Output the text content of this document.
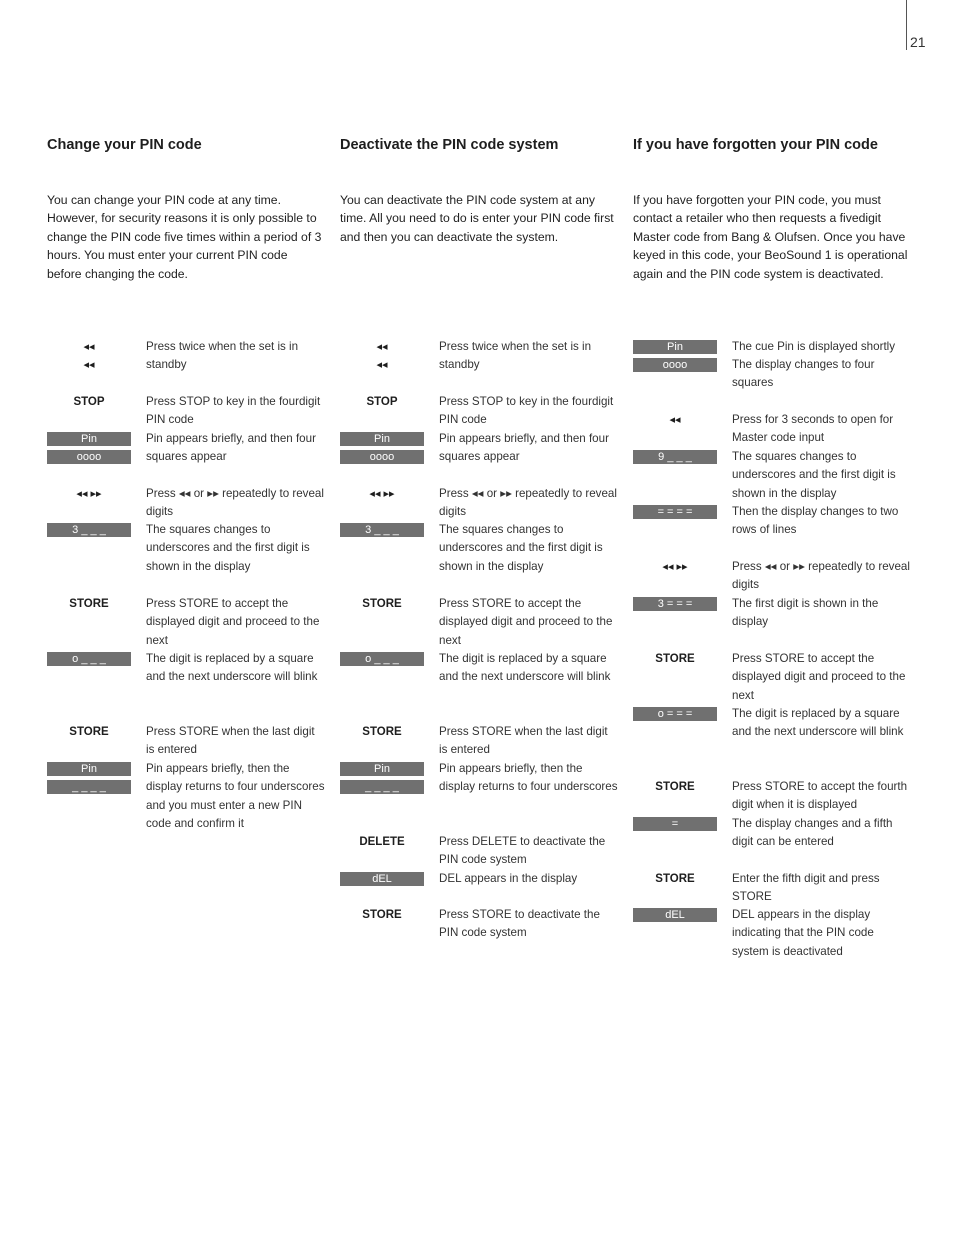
21
Change your PIN code
You can change your PIN code at any time. However, for security reasons it is only possible to change the PIN code five times within a period of 3 hours. You must enter your current PIN code before changing the code.
◂◂	Press twice when the set is in standby
◂◂
STOP	Press STOP to key in the fourdigit PIN code
Pin	Pin appears briefly, and then four squares appear
oooo
◂◂ ▸▸	Press ◂◂ or ▸▸ repeatedly to reveal digits
3 _ _ _	The squares changes to underscores and the first digit is shown in the display
STORE	Press STORE to accept the displayed digit and proceed to the next
o _ _ _	The digit is replaced by a square and the next underscore will blink
STORE	Press STORE when the last digit is entered
Pin	Pin appears briefly, then the display returns to four underscores and you must enter a new PIN code and confirm it
_ _ _ _
Deactivate the PIN code system
You can deactivate the PIN code system at any time. All you need to do is enter your PIN code first and then you can deactivate the system.
◂◂	Press twice when the set is in standby
◂◂
STOP	Press STOP to key in the fourdigit PIN code
Pin	Pin appears briefly, and then four squares appear
oooo
◂◂ ▸▸	Press ◂◂ or ▸▸ repeatedly to reveal digits
3 _ _ _	The squares changes to underscores and the first digit is shown in the display
STORE	Press STORE to accept the displayed digit and proceed to the next
o _ _ _	The digit is replaced by a square and the next underscore will blink
STORE	Press STORE when the last digit is entered
Pin	Pin appears briefly, then the display returns to four underscores
_ _ _ _
DELETE	Press DELETE to deactivate the PIN code system
dEL	DEL appears in the display
STORE	Press STORE to deactivate the PIN code system
If you have forgotten your PIN code
If you have forgotten your PIN code, you must contact a retailer who then requests a fivedigit Master code from Bang & Olufsen. Once you have keyed in this code, your BeoSound 1 is operational again and the PIN code system is deactivated.
Pin	The cue Pin is displayed shortly
oooo	The display changes to four squares
◂◂	Press for 3 seconds to open for Master code input
9 _ _ _	The squares changes to underscores and the first digit is shown in the display
= = = =	Then the display changes to two rows of lines
◂◂ ▸▸	Press ◂◂ or ▸▸ repeatedly to reveal digits
3 = = =	The first digit is shown in the display
STORE	Press STORE to accept the displayed digit and proceed to the next
o = = =	The digit is replaced by a square and the next underscore will blink
STORE	Press STORE to accept the fourth digit when it is displayed
=	The display changes and a fifth digit can be entered
STORE	Enter the fifth digit and press STORE
dEL	DEL appears in the display indicating that the PIN code system is deactivated
